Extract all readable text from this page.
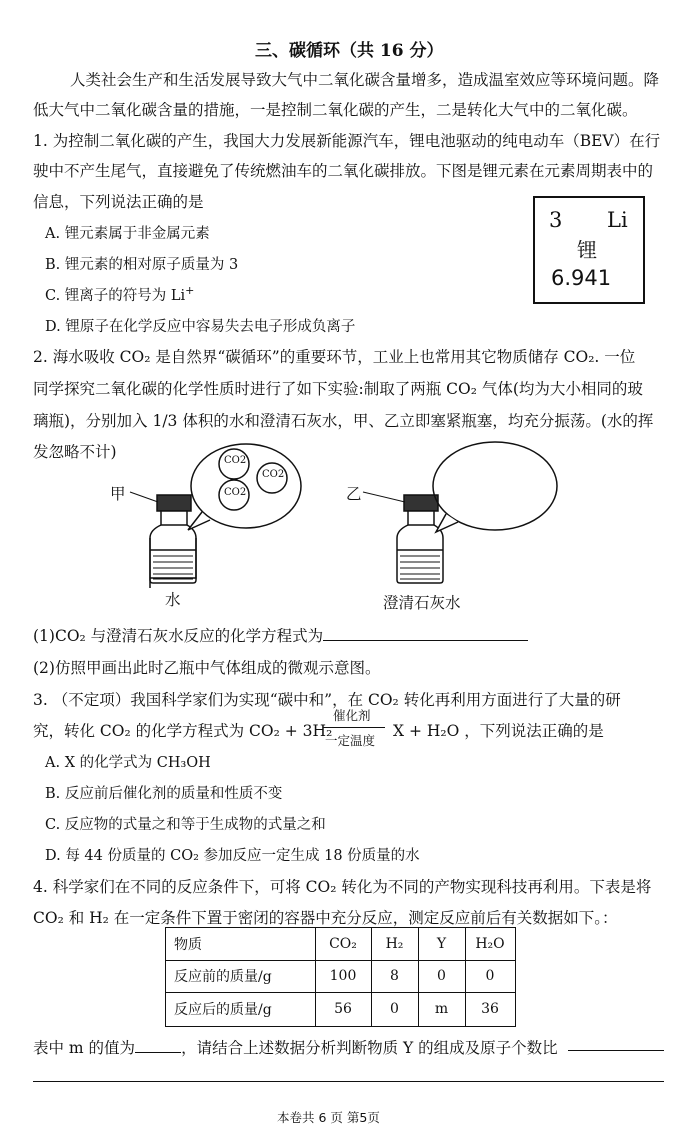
三、碳循环（共 16 分）
人类社会生产和生活发展导致大气中二氧化碳含量增多，造成温室效应等环境问题。降
低大气中二氧化碳含量的措施，一是控制二氧化碳的产生，二是转化大气中的二氧化碳。
1. 为控制二氧化碳的产生，我国大力发展新能源汽车，锂电池驱动的纯电动车（BEV）在行
驶中不产生尾气，直接避免了传统燃油车的二氧化碳排放。下图是锂元素在元素周期表中的
信息，下列说法正确的是
A. 锂元素属于非金属元素
B. 锂元素的相对原子质量为 3
C. 锂离子的符号为 Li+
D. 锂原子在化学反应中容易失去电子形成负离子
3 Li
锂
6.941
2. 海水吸收 CO₂ 是自然界“碳循环”的重要环节，工业上也常用其它物质储存 CO₂. 一位
同学探究二氧化碳的化学性质时进行了如下实验:制取了两瓶 CO₂ 气体(均为大小相同的玻
璃瓶)，分别加入 1/3 体积的水和澄清石灰水，甲、乙立即塞紧瓶塞，均充分振荡。(水的挥
发忽略不计)	CO2
CO2
CO2
甲	乙
水	澄清石灰水
(1)CO₂ 与澄清石灰水反应的化学方程式为
(2)仿照甲画出此时乙瓶中气体组成的微观示意图。
3. （不定项）我国科学家们为实现“碳中和”，在 CO₂ 转化再利用方面进行了大量的研
究，转化 CO₂ 的化学方程式为 CO₂ + 3H₂
催化剂
一定温度
X + H₂O ，下列说法正确的是
A. X 的化学式为 CH₃OH
B. 反应前后催化剂的质量和性质不变
C. 反应物的式量之和等于生成物的式量之和
D. 每 44 份质量的 CO₂ 参加反应一定生成 18 份质量的水
4. 科学家们在不同的反应条件下，可将 CO₂ 转化为不同的产物实现科技再利用。下表是将
CO₂ 和 H₂ 在一定条件下置于密闭的容器中充分反应，测定反应前后有关数据如下。：
物质	CO₂	H₂	Y	H₂O
反应前的质量/g	100	8	0	0
反应后的质量/g	56	0	m	36
表中 m 的值为	，请结合上述数据分析判断物质 Y 的组成及原子个数比
本卷共 6 页 第5页
